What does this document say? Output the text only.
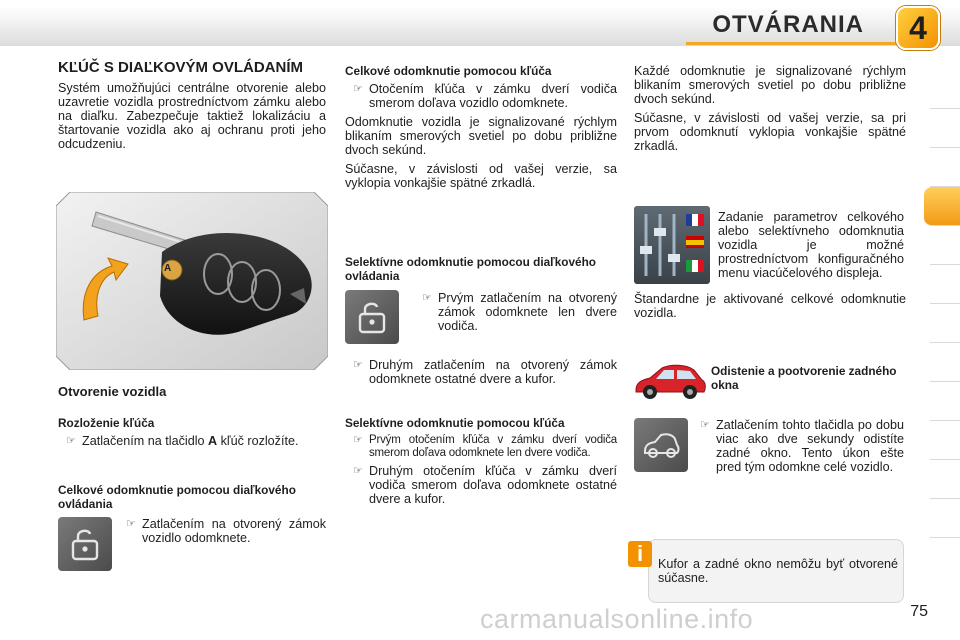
OTVÁRANIA	4
KĽÚČ S DIAĽKOVÝM OVLÁDANÍM

Systém umožňujúci centrálne otvorenie alebo uzavretie vozidla prostredníctvom zámku alebo na diaľku. Zabezpečuje taktiež lokalizáciu a štartovanie vozidla ako aj ochranu proti jeho odcudzeniu.

A
Otvorenie vozidla
Rozloženie kľúča
☞ Zatlačením na tlačidlo A kľúč rozložíte.
Celkové odomknutie pomocou diaľkového ovládania
☞ Zatlačením na otvorený zámok vozidlo odomknete.
Celkové odomknutie pomocou kľúča
☞ Otočením kľúča v zámku dverí vodiča smerom doľava vozidlo odomknete.

Odomknutie vozidla je signalizované rýchlym blikaním smerových svetiel po dobu približne dvoch sekúnd.

Súčasne, v závislosti od vašej verzie, sa vyklopia vonkajšie spätné zrkadlá.

Selektívne odomknutie pomocou diaľkového ovládania
☞ Prvým zatlačením na otvorený zámok odomknete len dvere vodiča.
☞ Druhým zatlačením na otvorený zámok odomknete ostatné dvere a kufor.
Selektívne odomknutie pomocou kľúča
☞ Prvým otočením kľúča v zámku dverí vodiča smerom doľava odomknete len dvere vodiča.
☞ Druhým otočením kľúča v zámku dverí vodiča smerom doľava odomknete ostatné dvere a kufor.

Každé odomknutie je signalizované rýchlym blikaním smerových svetiel po dobu približne dvoch sekúnd.

Súčasne, v závislosti od vašej verzie, sa pri prvom odomknutí vyklopia vonkajšie spätné zrkadlá.

Zadanie parametrov celkového alebo selektívneho odomknutia vozidla je možné prostredníctvom konfiguračného menu viacúčelového displeja.

Štandardne je aktivované celkové odomknutie vozidla.

Odistenie a pootvorenie zadného okna
☞ Zatlačením tohto tlačidla po dobu viac ako dve sekundy odistíte zadné okno. Tento úkon ešte pred tým odomkne celé vozidlo.
i	Kufor a zadné okno nemôžu byť otvorené súčasne.

carmanualsonline.info	75
